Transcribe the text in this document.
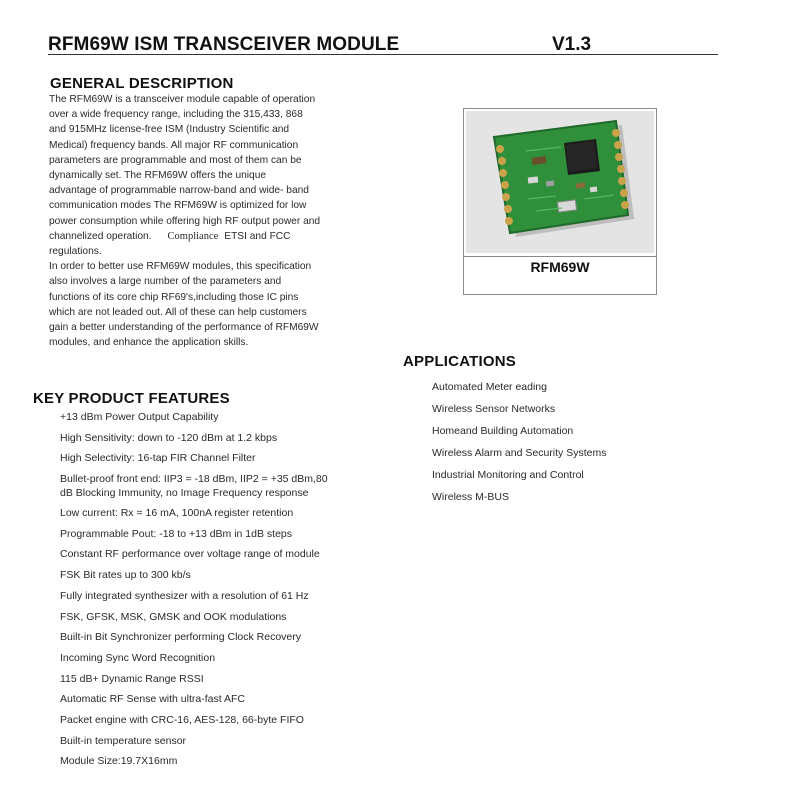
RFM69W ISM TRANSCEIVER MODULE	V1.3
GENERAL DESCRIPTION
The RFM69W is a transceiver module capable of operation
over a wide frequency range, including the 315,433, 868
and 915MHz license-free ISM (Industry Scientific and
Medical) frequency bands. All major RF communication
parameters are programmable and most of them can be
dynamically set. The RFM69W offers the unique
advantage of programmable narrow-band and wide- band
communication modes The RFM69W is optimized for low
power consumption while offering high RF output power and
channelized operation. Compliance ETSI and FCC
regulations.
In order to better use RFM69W modules, this specification
also involves a large number of the parameters and
functions of its core chip RF69's,including those IC pins
which are not leaded out. All of these can help customers
gain a better understanding of the performance of RFM69W
modules, and enhance the application skills.
RFM69W
APPLICATIONS
Automated Meter eading
Wireless Sensor Networks
Homeand Building Automation
Wireless Alarm and Security Systems
Industrial Monitoring and Control
Wireless M-BUS
KEY PRODUCT FEATURES
+13 dBm Power Output Capability
High Sensitivity: down to -120 dBm at 1.2 kbps
High Selectivity: 16-tap FIR Channel Filter
Bullet-proof front end: IIP3 = -18 dBm, IIP2 = +35 dBm,80
dB Blocking Immunity, no Image Frequency response
Low current: Rx = 16 mA, 100nA register retention
Programmable Pout: -18 to +13 dBm in 1dB steps
Constant RF performance over voltage range of module
FSK Bit rates up to 300 kb/s
Fully integrated synthesizer with a resolution of 61 Hz
FSK, GFSK, MSK, GMSK and OOK modulations
Built-in Bit Synchronizer performing Clock Recovery
Incoming Sync Word Recognition
115 dB+ Dynamic Range RSSI
Automatic RF Sense with ultra-fast AFC
Packet engine with CRC-16, AES-128, 66-byte FIFO
Built-in temperature sensor
Module Size:19.7X16mm
